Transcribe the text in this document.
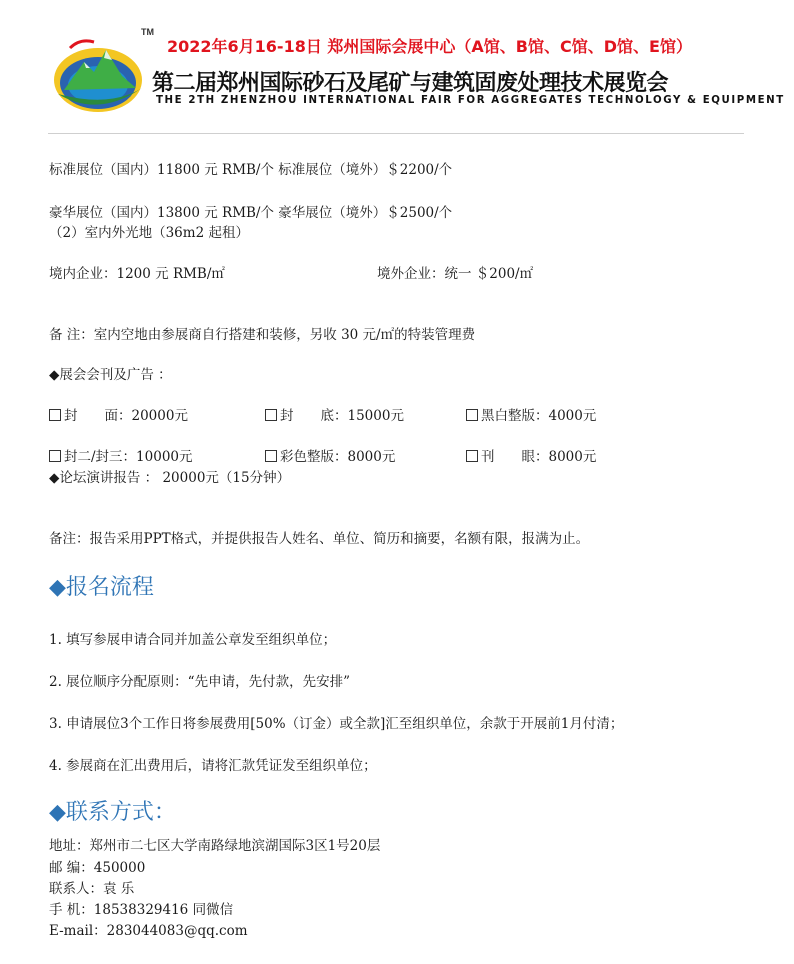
TM
2022年6月16-18日 郑州国际会展中心（A馆、B馆、C馆、D馆、E馆）
第二届郑州国际砂石及尾矿与建筑固废处理技术展览会
THE 2TH ZHENZHOU INTERNATIONAL FAIR FOR AGGREGATES TECHNOLOGY & EQUIPMENT
标准展位（国内）11800 元 RMB/个 标准展位（境外）＄2200/个
豪华展位（国内）13800 元 RMB/个 豪华展位（境外）＄2500/个
（2）室内外光地（36m2 起租）
境内企业：1200 元 RMB/㎡	境外企业：统一 ＄200/㎡
备 注：室内空地由参展商自行搭建和装修，另收 30 元/㎡的特装管理费
◆展会会刊及广告 ：
封　　面：20000元	封　　底：15000元	黑白整版：4000元
封二/封三：10000元	彩色整版：8000元	刊　　眼：8000元
◆论坛演讲报告 ： 20000元（15分钟）
备注：报告采用PPT格式，并提供报告人姓名、单位、简历和摘要，名额有限，报满为止。
◆报名流程
1. 填写参展申请合同并加盖公章发至组织单位；
2. 展位顺序分配原则：“先申请，先付款，先安排”
3. 申请展位3个工作日将参展费用[50%（订金）或全款]汇至组织单位，余款于开展前1月付清；
4. 参展商在汇出费用后，请将汇款凭证发至组织单位；
◆联系方式：
地址：郑州市二七区大学南路绿地滨湖国际3区1号20层
邮 编：450000
联系人：袁 乐
手 机：18538329416 同微信
E-mail：283044083@qq.com
